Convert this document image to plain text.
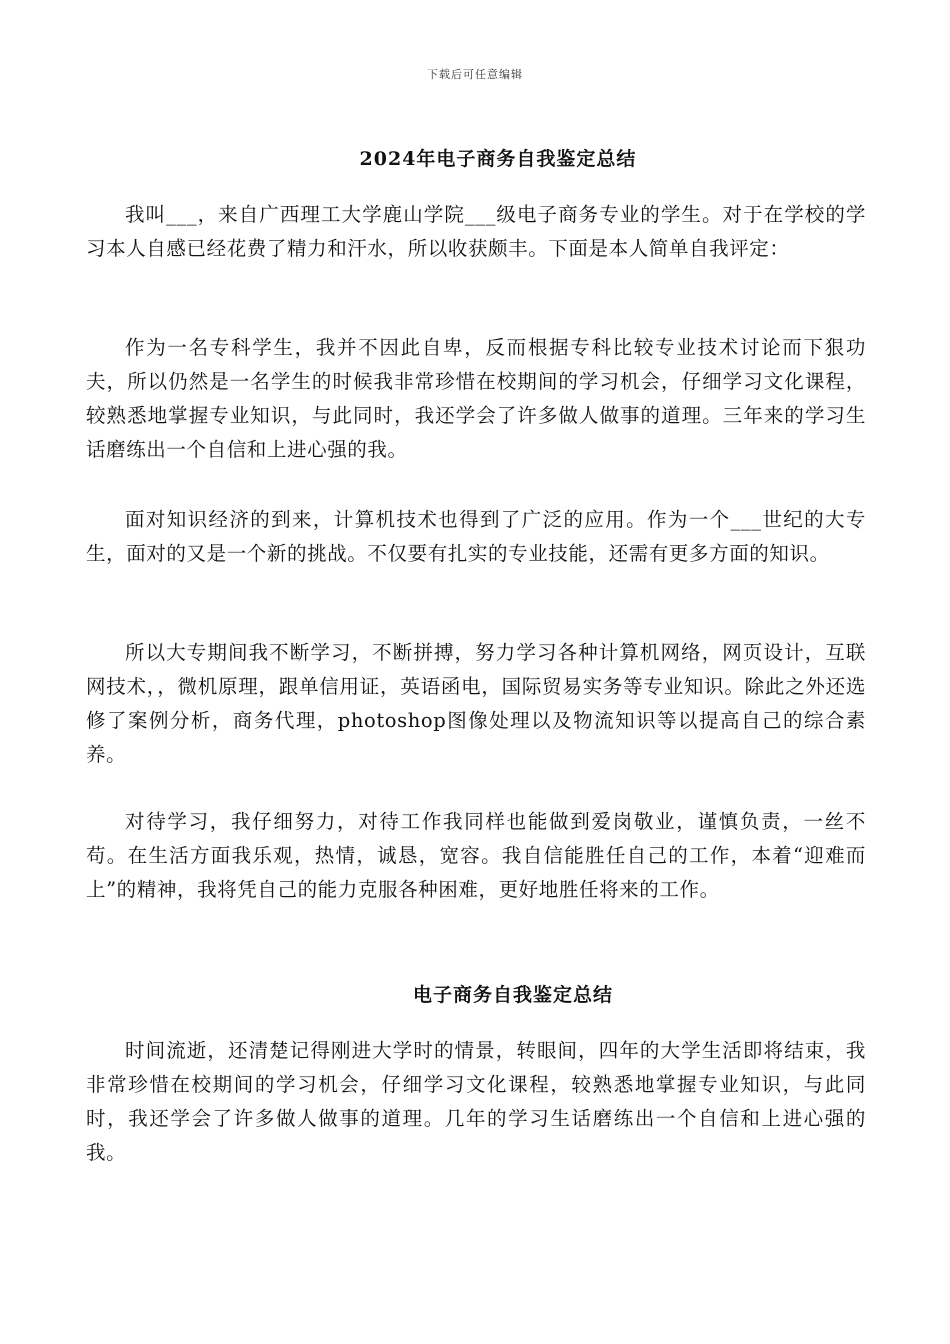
下载后可任意编辑
2024年电子商务自我鉴定总结

我叫___，来自广西理工大学鹿山学院___级电子商务专业的学生。对于在学校的学习本人自感已经花费了精力和汗水，所以收获颇丰。下面是本人简单自我评定：

作为一名专科学生，我并不因此自卑，反而根据专科比较专业技术讨论而下狠功夫，所以仍然是一名学生的时候我非常珍惜在校期间的学习机会，仔细学习文化课程，较熟悉地掌握专业知识，与此同时，我还学会了许多做人做事的道理。三年来的学习生话磨练出一个自信和上进心强的我。

面对知识经济的到来，计算机技术也得到了广泛的应用。作为一个___世纪的大专生，面对的又是一个新的挑战。不仅要有扎实的专业技能，还需有更多方面的知识。

所以大专期间我不断学习，不断拼搏，努力学习各种计算机网络，网页设计，互联网技术，，微机原理，跟单信用证，英语函电，国际贸易实务等专业知识。除此之外还选修了案例分析，商务代理，photoshop图像处理以及物流知识等以提高自己的综合素养。

对待学习，我仔细努力，对待工作我同样也能做到爱岗敬业，谨慎负责，一丝不苟。在生活方面我乐观，热情，诚恳，宽容。我自信能胜任自己的工作，本着“迎难而上”的精神，我将凭自己的能力克服各种困难，更好地胜任将来的工作。

电子商务自我鉴定总结

时间流逝，还清楚记得刚进大学时的情景，转眼间，四年的大学生活即将结束，我非常珍惜在校期间的学习机会，仔细学习文化课程，较熟悉地掌握专业知识，与此同时，我还学会了许多做人做事的道理。几年的学习生话磨练出一个自信和上进心强的我。
